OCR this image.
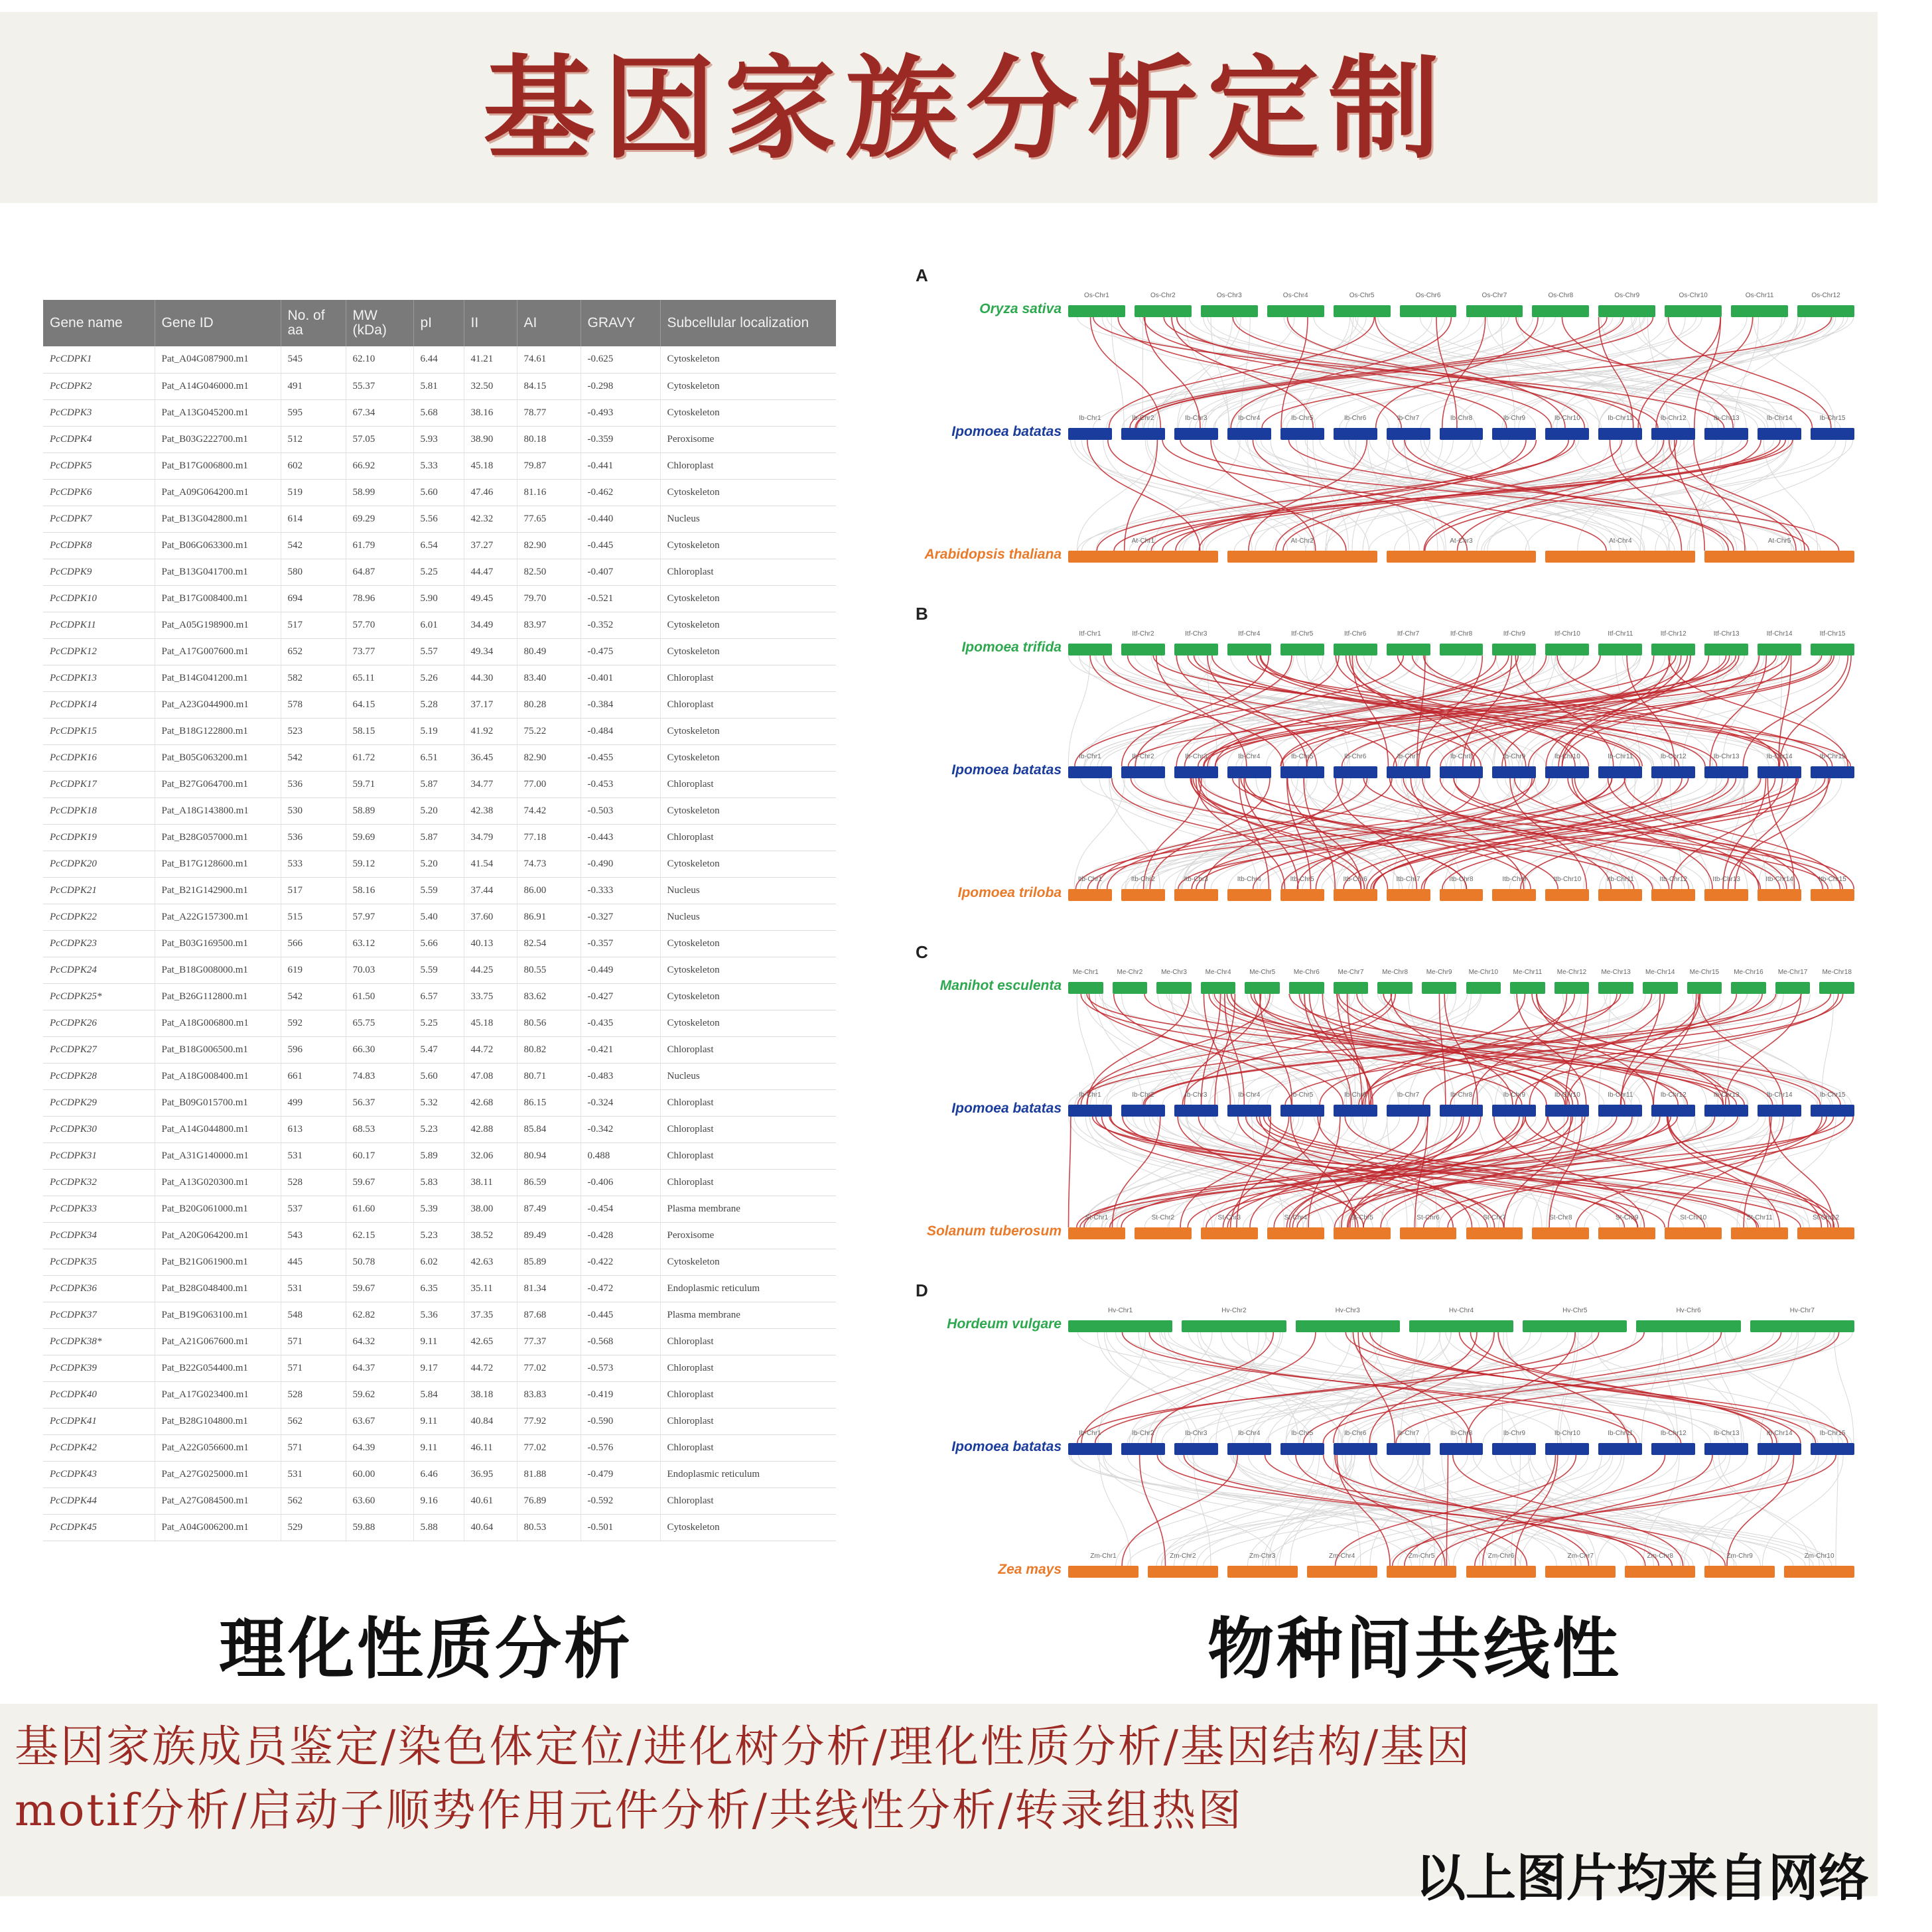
基因家族分析定制
Gene name	Gene ID	No. of aa	MW (kDa)	pI	II	AI	GRAVY	Subcellular localization
PcCDPK1	Pat_A04G087900.m1	545	62.10	6.44	41.21	74.61	-0.625	Cytoskeleton
PcCDPK2	Pat_A14G046000.m1	491	55.37	5.81	32.50	84.15	-0.298	Cytoskeleton
PcCDPK3	Pat_A13G045200.m1	595	67.34	5.68	38.16	78.77	-0.493	Cytoskeleton
PcCDPK4	Pat_B03G222700.m1	512	57.05	5.93	38.90	80.18	-0.359	Peroxisome
PcCDPK5	Pat_B17G006800.m1	602	66.92	5.33	45.18	79.87	-0.441	Chloroplast
PcCDPK6	Pat_A09G064200.m1	519	58.99	5.60	47.46	81.16	-0.462	Cytoskeleton
PcCDPK7	Pat_B13G042800.m1	614	69.29	5.56	42.32	77.65	-0.440	Nucleus
PcCDPK8	Pat_B06G063300.m1	542	61.79	6.54	37.27	82.90	-0.445	Cytoskeleton
PcCDPK9	Pat_B13G041700.m1	580	64.87	5.25	44.47	82.50	-0.407	Chloroplast
PcCDPK10	Pat_B17G008400.m1	694	78.96	5.90	49.45	79.70	-0.521	Cytoskeleton
PcCDPK11	Pat_A05G198900.m1	517	57.70	6.01	34.49	83.97	-0.352	Cytoskeleton
PcCDPK12	Pat_A17G007600.m1	652	73.77	5.57	49.34	80.49	-0.475	Cytoskeleton
PcCDPK13	Pat_B14G041200.m1	582	65.11	5.26	44.30	83.40	-0.401	Chloroplast
PcCDPK14	Pat_A23G044900.m1	578	64.15	5.28	37.17	80.28	-0.384	Chloroplast
PcCDPK15	Pat_B18G122800.m1	523	58.15	5.19	41.92	75.22	-0.484	Cytoskeleton
PcCDPK16	Pat_B05G063200.m1	542	61.72	6.51	36.45	82.90	-0.455	Cytoskeleton
PcCDPK17	Pat_B27G064700.m1	536	59.71	5.87	34.77	77.00	-0.453	Chloroplast
PcCDPK18	Pat_A18G143800.m1	530	58.89	5.20	42.38	74.42	-0.503	Cytoskeleton
PcCDPK19	Pat_B28G057000.m1	536	59.69	5.87	34.79	77.18	-0.443	Chloroplast
PcCDPK20	Pat_B17G128600.m1	533	59.12	5.20	41.54	74.73	-0.490	Cytoskeleton
PcCDPK21	Pat_B21G142900.m1	517	58.16	5.59	37.44	86.00	-0.333	Nucleus
PcCDPK22	Pat_A22G157300.m1	515	57.97	5.40	37.60	86.91	-0.327	Nucleus
PcCDPK23	Pat_B03G169500.m1	566	63.12	5.66	40.13	82.54	-0.357	Cytoskeleton
PcCDPK24	Pat_B18G008000.m1	619	70.03	5.59	44.25	80.55	-0.449	Cytoskeleton
PcCDPK25*	Pat_B26G112800.m1	542	61.50	6.57	33.75	83.62	-0.427	Cytoskeleton
PcCDPK26	Pat_A18G006800.m1	592	65.75	5.25	45.18	80.56	-0.435	Cytoskeleton
PcCDPK27	Pat_B18G006500.m1	596	66.30	5.47	44.72	80.82	-0.421	Chloroplast
PcCDPK28	Pat_A18G008400.m1	661	74.83	5.60	47.08	80.71	-0.483	Nucleus
PcCDPK29	Pat_B09G015700.m1	499	56.37	5.32	42.68	86.15	-0.324	Chloroplast
PcCDPK30	Pat_A14G044800.m1	613	68.53	5.23	42.88	85.84	-0.342	Chloroplast
PcCDPK31	Pat_A31G140000.m1	531	60.17	5.89	32.06	80.94	0.488	Chloroplast
PcCDPK32	Pat_A13G020300.m1	528	59.67	5.83	38.11	86.59	-0.406	Chloroplast
PcCDPK33	Pat_B20G061000.m1	537	61.60	5.39	38.00	87.49	-0.454	Plasma membrane
PcCDPK34	Pat_A20G064200.m1	543	62.15	5.23	38.52	89.49	-0.428	Peroxisome
PcCDPK35	Pat_B21G061900.m1	445	50.78	6.02	42.63	85.89	-0.422	Cytoskeleton
PcCDPK36	Pat_B28G048400.m1	531	59.67	6.35	35.11	81.34	-0.472	Endoplasmic reticulum
PcCDPK37	Pat_B19G063100.m1	548	62.82	5.36	37.35	87.68	-0.445	Plasma membrane
PcCDPK38*	Pat_A21G067600.m1	571	64.32	9.11	42.65	77.37	-0.568	Chloroplast
PcCDPK39	Pat_B22G054400.m1	571	64.37	9.17	44.72	77.02	-0.573	Chloroplast
PcCDPK40	Pat_A17G023400.m1	528	59.62	5.84	38.18	83.83	-0.419	Chloroplast
PcCDPK41	Pat_B28G104800.m1	562	63.67	9.11	40.84	77.92	-0.590	Chloroplast
PcCDPK42	Pat_A22G056600.m1	571	64.39	9.11	46.11	77.02	-0.576	Chloroplast
PcCDPK43	Pat_A27G025000.m1	531	60.00	6.46	36.95	81.88	-0.479	Endoplasmic reticulum
PcCDPK44	Pat_A27G084500.m1	562	63.60	9.16	40.61	76.89	-0.592	Chloroplast
PcCDPK45	Pat_A04G006200.m1	529	59.88	5.88	40.64	80.53	-0.501	Cytoskeleton
理化性质分析	物种间共线性
A
Oryza sativa
Os-Chr1	Os-Chr2	Os-Chr3	Os-Chr4	Os-Chr5	Os-Chr6	Os-Chr7	Os-Chr8	Os-Chr9	Os-Chr10	Os-Chr11	Os-Chr12
Ipomoea batatas
Ib-Chr1	Ib-Chr2	Ib-Chr3	Ib-Chr4	Ib-Chr5	Ib-Chr6	Ib-Chr7	Ib-Chr8	Ib-Chr9	Ib-Chr10	Ib-Chr11	Ib-Chr12	Ib-Chr13	Ib-Chr14	Ib-Chr15
Arabidopsis thaliana
At-Chr1	At-Chr2	At-Chr3	At-Chr4	At-Chr5
B
Ipomoea trifida
Itf-Chr1	Itf-Chr2	Itf-Chr3	Itf-Chr4	Itf-Chr5	Itf-Chr6	Itf-Chr7	Itf-Chr8	Itf-Chr9	Itf-Chr10	Itf-Chr11	Itf-Chr12	Itf-Chr13	Itf-Chr14	Itf-Chr15
Ipomoea batatas
Ib-Chr1	Ib-Chr2	Ib-Chr3	Ib-Chr4	Ib-Chr5	Ib-Chr6	Ib-Chr7	Ib-Chr8	Ib-Chr9	Ib-Chr10	Ib-Chr11	Ib-Chr12	Ib-Chr13	Ib-Chr14	Ib-Chr15
Ipomoea triloba
Itb-Chr1	Itb-Chr2	Itb-Chr3	Itb-Chr4	Itb-Chr5	Itb-Chr6	Itb-Chr7	Itb-Chr8	Itb-Chr9	Itb-Chr10	Itb-Chr11	Itb-Chr12	Itb-Chr13	Itb-Chr14	Itb-Chr15
C
Manihot esculenta
Me-Chr1	Me-Chr2	Me-Chr3	Me-Chr4	Me-Chr5	Me-Chr6	Me-Chr7	Me-Chr8	Me-Chr9	Me-Chr10	Me-Chr11	Me-Chr12	Me-Chr13	Me-Chr14	Me-Chr15	Me-Chr16	Me-Chr17	Me-Chr18
Ipomoea batatas
Ib-Chr1	Ib-Chr2	Ib-Chr3	Ib-Chr4	Ib-Chr5	Ib-Chr6	Ib-Chr7	Ib-Chr8	Ib-Chr9	Ib-Chr10	Ib-Chr11	Ib-Chr12	Ib-Chr13	Ib-Chr14	Ib-Chr15
Solanum tuberosum
St-Chr1	St-Chr2	St-Chr3	St-Chr4	St-Chr5	St-Chr6	St-Chr7	St-Chr8	St-Chr9	St-Chr10	St-Chr11	St-Chr12
D
Hordeum vulgare
Hv-Chr1	Hv-Chr2	Hv-Chr3	Hv-Chr4	Hv-Chr5	Hv-Chr6	Hv-Chr7
Ipomoea batatas
Ib-Chr1	Ib-Chr2	Ib-Chr3	Ib-Chr4	Ib-Chr5	Ib-Chr6	Ib-Chr7	Ib-Chr8	Ib-Chr9	Ib-Chr10	Ib-Chr11	Ib-Chr12	Ib-Chr13	Ib-Chr14	Ib-Chr15
Zea mays
Zm-Chr1	Zm-Chr2	Zm-Chr3	Zm-Chr4	Zm-Chr5	Zm-Chr6	Zm-Chr7	Zm-Chr8	Zm-Chr9	Zm-Chr10
基因家族成员鉴定/染色体定位/进化树分析/理化性质分析/基因结构/基因
motif分析/启动子顺势作用元件分析/共线性分析/转录组热图
以上图片均来自网络
